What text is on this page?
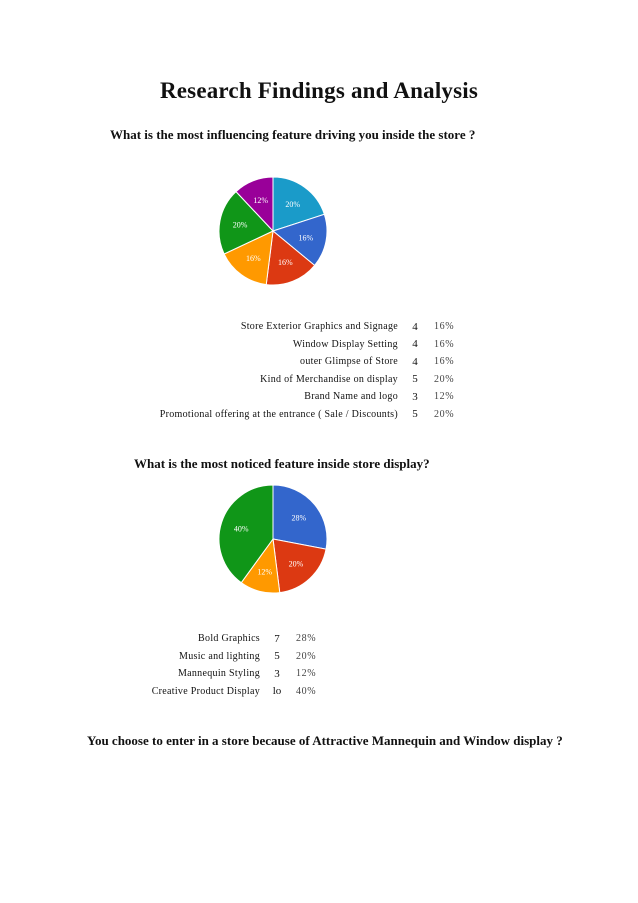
Research Findings and Analysis
What is the most influencing feature driving you inside the store ?
20%
16%
16%
16%
20%
12%
Store Exterior Graphics and Signage	4	16%
Window Display Setting	4	16%
outer Glimpse of Store	4	16%
Kind of Merchandise on display	5	20%
Brand Name and logo	3	12%
Promotional offering at the entrance ( Sale / Discounts)	5	20%
What is the most noticed feature inside store display?
28%
20%
12%
40%
Bold Graphics	7	28%
Music and lighting	5	20%
Mannequin Styling	3	12%
Creative Product Display	lo	40%
You choose to enter in a store because of Attractive Mannequin and Window display ?
